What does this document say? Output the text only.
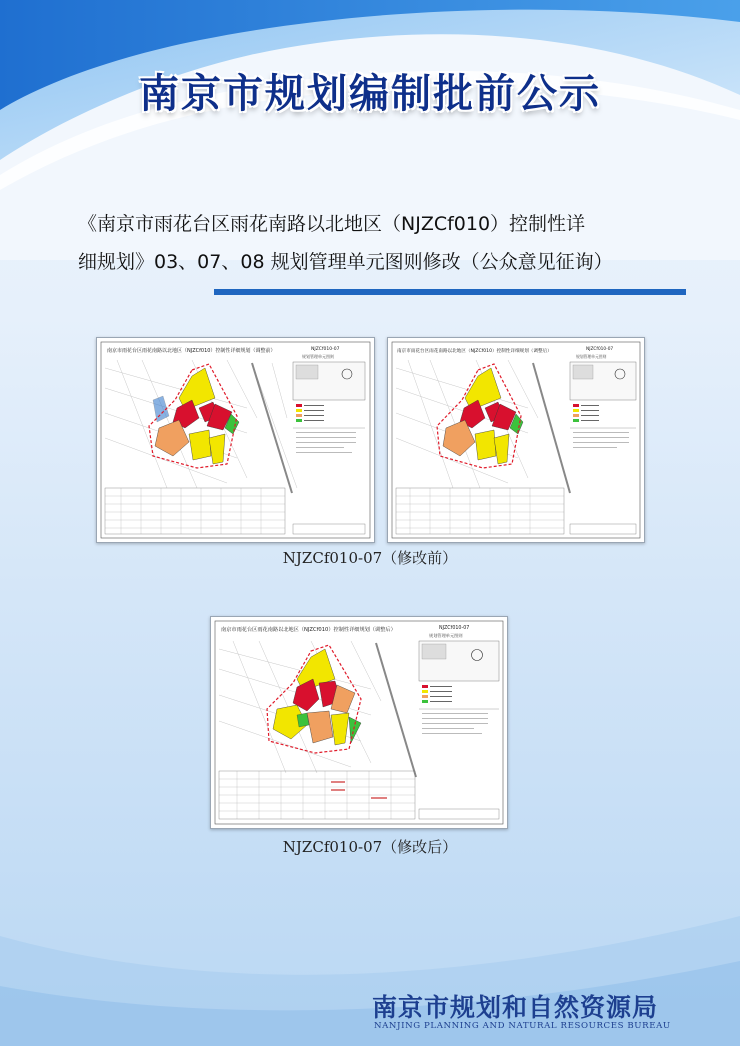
南京市规划编制批前公示
《南京市雨花台区雨花南路以北地区（NJZCf010）控制性详
细规划》03、07、08 规划管理单元图则修改（公众意见征询）
南京市雨花台区雨花南路以北地区（NJZCf010）控制性详细规划（调整前）	NJZCf010-07
规划管理单元图则
南京市雨花台区雨花南路以北地区（NJZCf010）控制性详细规划（调整后）	NJZCf010-07
规划管理单元图则
NJZCf010-07（修改前）
南京市雨花台区雨花南路以北地区（NJZCf010）控制性详细规划（调整后）	NJZCf010-07
规划管理单元图则
NJZCf010-07（修改后）
南京市规划和自然资源局
NANJING PLANNING AND NATURAL RESOURCES BUREAU
